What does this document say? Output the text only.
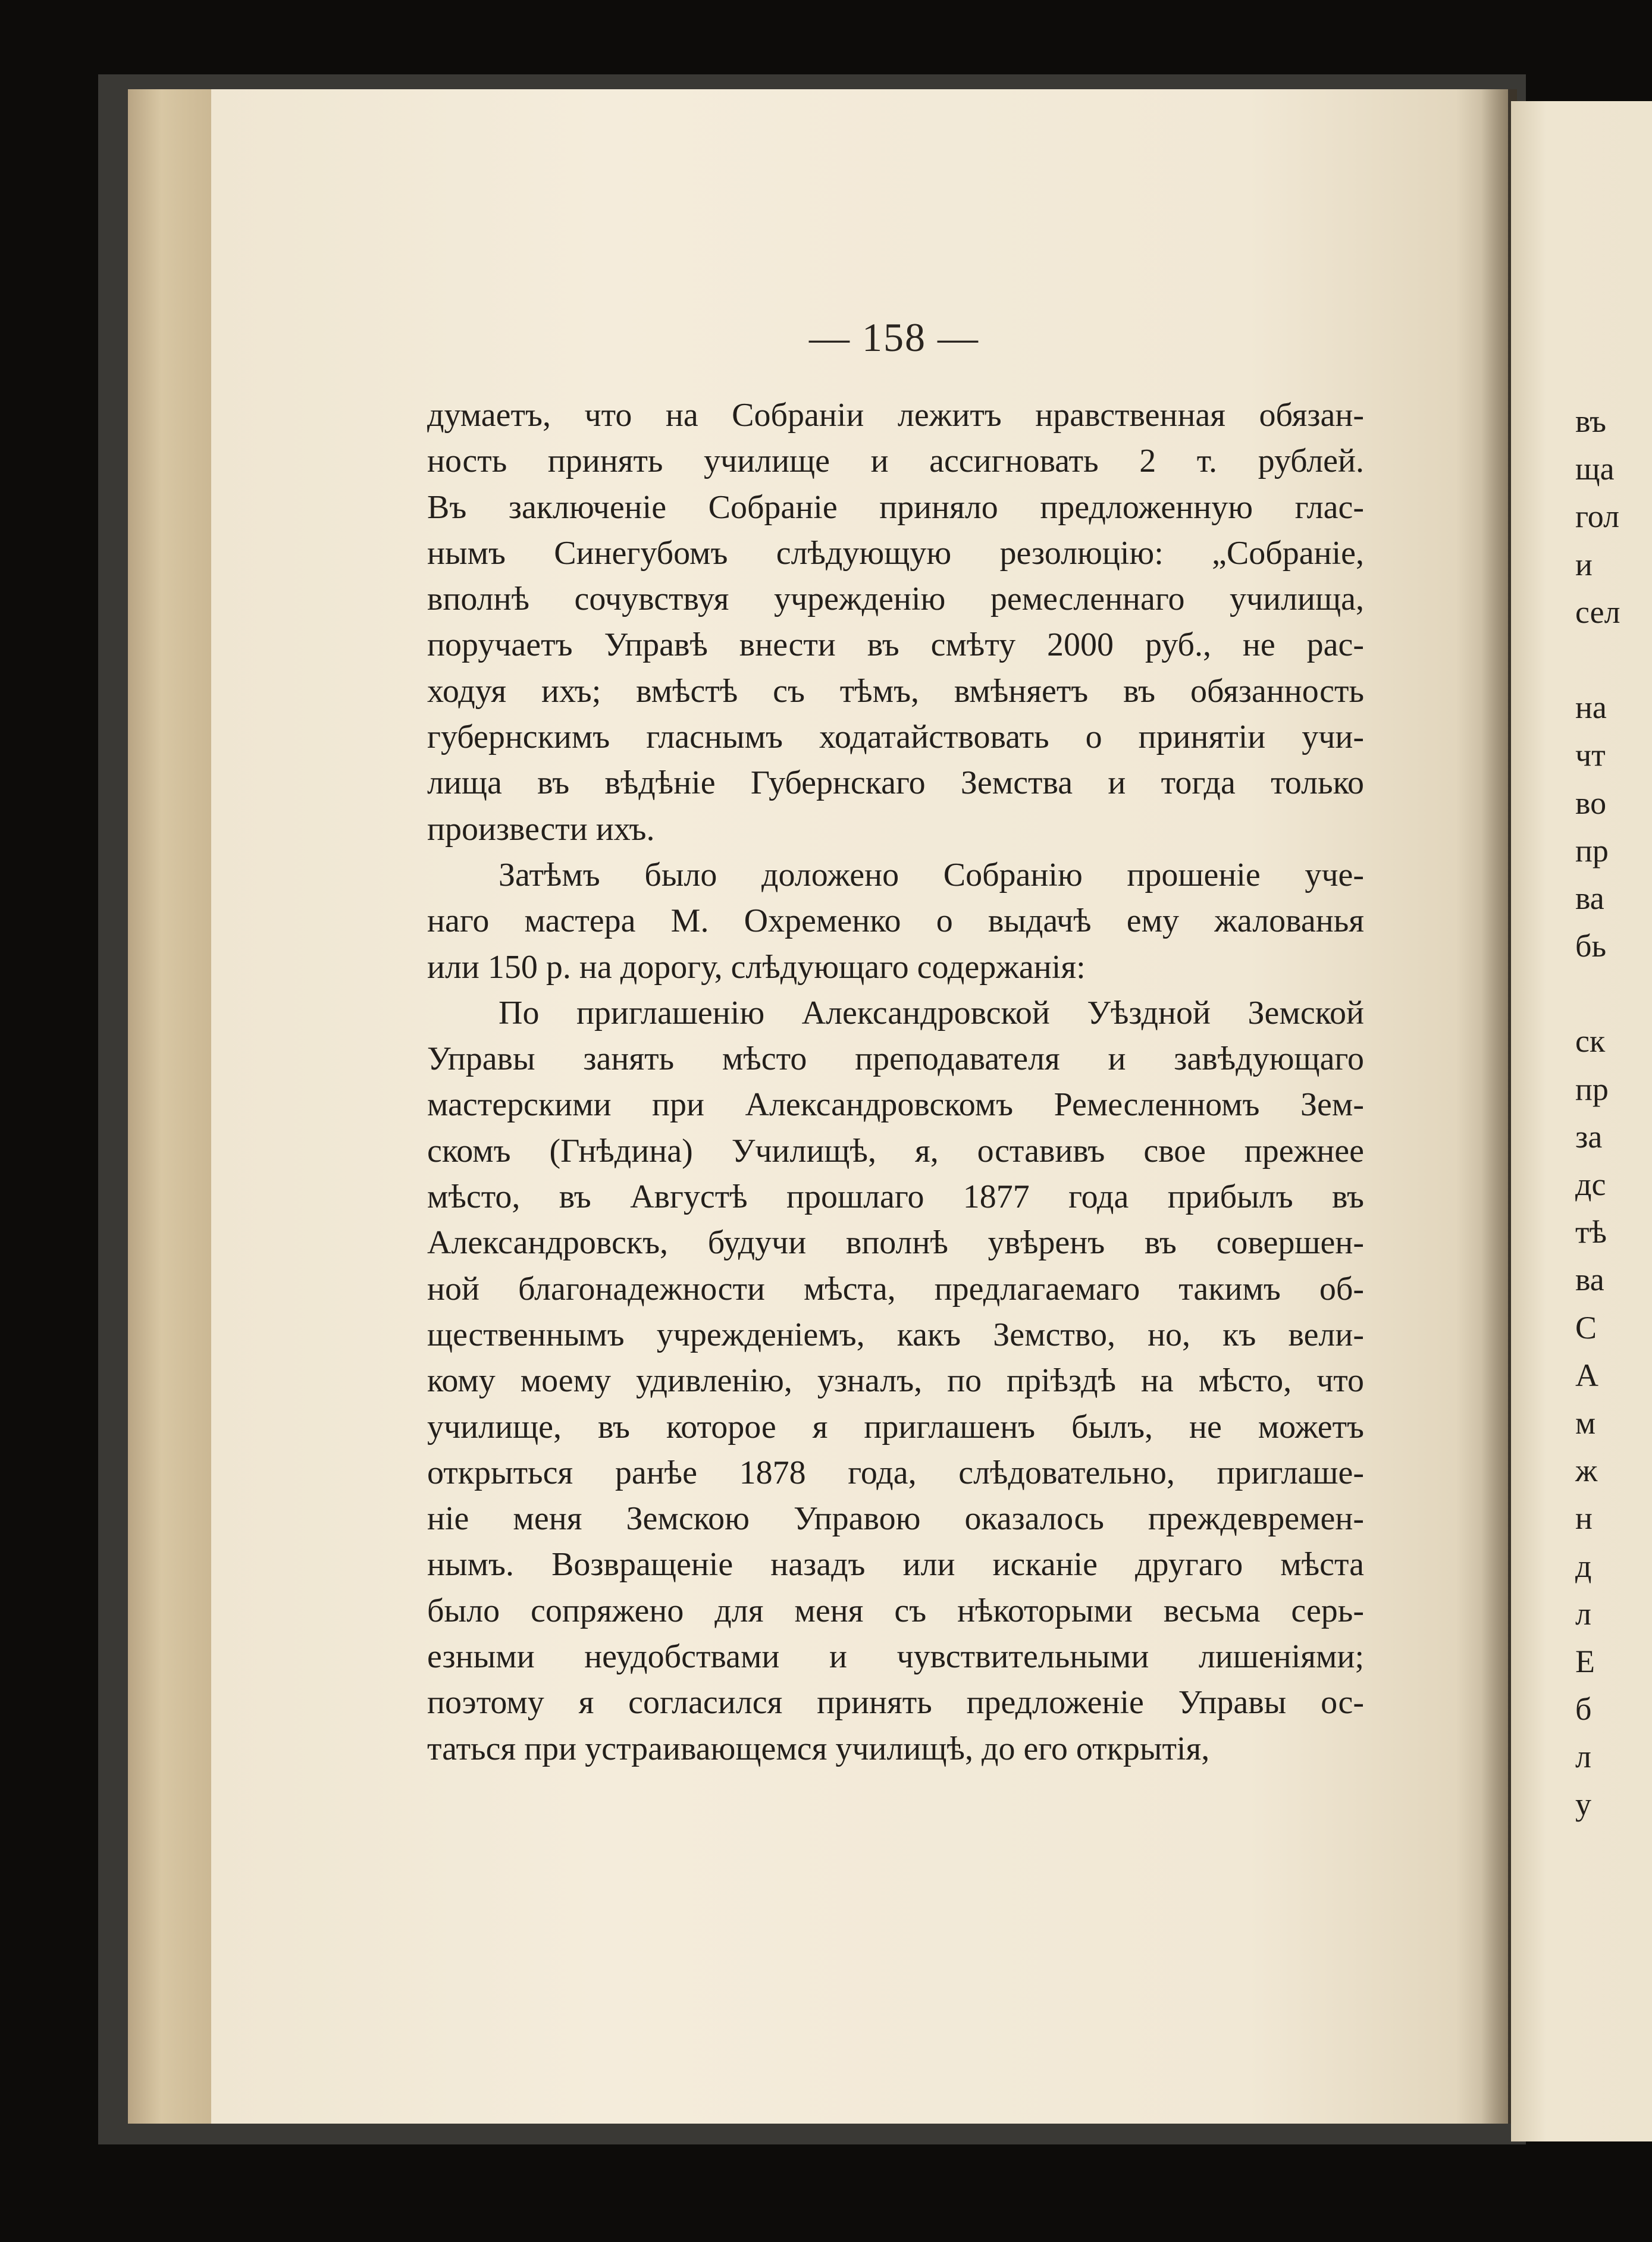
— 158 —
думаетъ, что на Собраніи лежитъ нравственная обязан-
ность принять училище и ассигновать 2 т. рублей.
Въ заключеніе Собраніе приняло предложенную глас-
нымъ Синегубомъ слѣдующую резолюцію: „Собраніе,
вполнѣ сочувствуя учрежденію ремесленнаго училища,
поручаетъ Управѣ внести въ смѣту 2000 руб., не рас-
ходуя ихъ; вмѣстѣ съ тѣмъ, вмѣняетъ въ обязанность
губернскимъ гласнымъ ходатайствовать о принятіи учи-
лища въ вѣдѣніе Губернскаго Земства и тогда только
произвести ихъ.
Затѣмъ было доложено Собранію прошеніе уче-
наго мастера М. Охременко о выдачѣ ему жалованья
или 150 р. на дорогу, слѣдующаго содержанія:
По приглашенію Александровской Уѣздной Земской
Управы занять мѣсто преподавателя и завѣдующаго
мастерскими при Александровскомъ Ремесленномъ Зем-
скомъ (Гнѣдина) Училищѣ, я, оставивъ свое прежнее
мѣсто, въ Августѣ прошлаго 1877 года прибылъ въ
Александровскъ, будучи вполнѣ увѣренъ въ совершен-
ной благонадежности мѣста, предлагаемаго такимъ об-
щественнымъ учрежденіемъ, какъ Земство, но, къ вели-
кому моему удивленію, узналъ, по пріѣздѣ на мѣсто, что
училище, въ которое я приглашенъ былъ, не можетъ
открыться ранѣе 1878 года, слѣдовательно, приглаше-
ніе меня Земскою Управою оказалось преждевремен-
нымъ. Возвращеніе назадъ или исканіе другаго мѣста
было сопряжено для меня съ нѣкоторыми весьма серь-
езными неудобствами и чувствительными лишеніями;
поэтому я согласился принять предложеніе Управы ос-
таться при устраивающемся училищѣ, до его открытія,
въ
ща
гол
и
сел
на
чт
во
пр
ва
бь
ск
пр
за
дс
тѣ
ва
С
А
м
ж
н
д
л
Е
б
л
у
